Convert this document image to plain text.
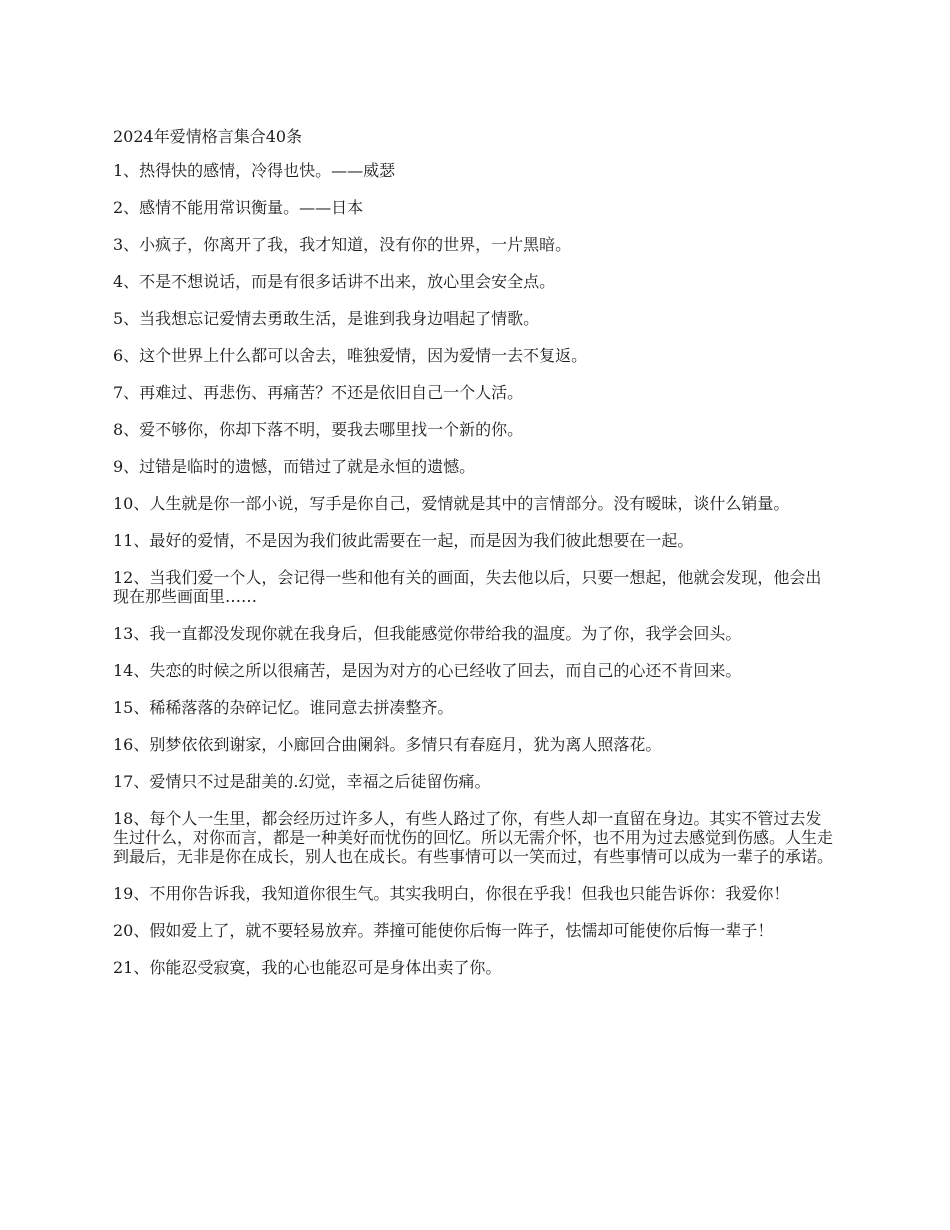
2024年爱情格言集合40条

1、热得快的感情，冷得也快。——威瑟

2、感情不能用常识衡量。——日本

3、小疯子，你离开了我，我才知道，没有你的世界，一片黑暗。

4、不是不想说话，而是有很多话讲不出来，放心里会安全点。

5、当我想忘记爱情去勇敢生活，是谁到我身边唱起了情歌。

6、这个世界上什么都可以舍去，唯独爱情，因为爱情一去不复返。

7、再难过、再悲伤、再痛苦？不还是依旧自己一个人活。

8、爱不够你，你却下落不明，要我去哪里找一个新的你。

9、过错是临时的遗憾，而错过了就是永恒的遗憾。

10、人生就是你一部小说，写手是你自己，爱情就是其中的言情部分。没有暧昧，谈什么销量。

11、最好的爱情，不是因为我们彼此需要在一起，而是因为我们彼此想要在一起。

12、当我们爱一个人，会记得一些和他有关的画面，失去他以后，只要一想起，他就会发现，他会出现在那些画面里……

13、我一直都没发现你就在我身后，但我能感觉你带给我的温度。为了你，我学会回头。

14、失恋的时候之所以很痛苦，是因为对方的心已经收了回去，而自己的心还不肯回来。

15、稀稀落落的杂碎记忆。谁同意去拼凑整齐。

16、别梦依依到谢家，小廊回合曲阑斜。多情只有春庭月，犹为离人照落花。

17、爱情只不过是甜美的.幻觉，幸福之后徒留伤痛。

18、每个人一生里，都会经历过许多人，有些人路过了你，有些人却一直留在身边。其实不管过去发生过什么，对你而言，都是一种美好而忧伤的回忆。所以无需介怀，也不用为过去感觉到伤感。人生走到最后，无非是你在成长，别人也在成长。有些事情可以一笑而过，有些事情可以成为一辈子的承诺。

19、不用你告诉我，我知道你很生气。其实我明白，你很在乎我！但我也只能告诉你：我爱你！

20、假如爱上了，就不要轻易放弃。莽撞可能使你后悔一阵子，怯懦却可能使你后悔一辈子！

21、你能忍受寂寞，我的心也能忍可是身体出卖了你。
